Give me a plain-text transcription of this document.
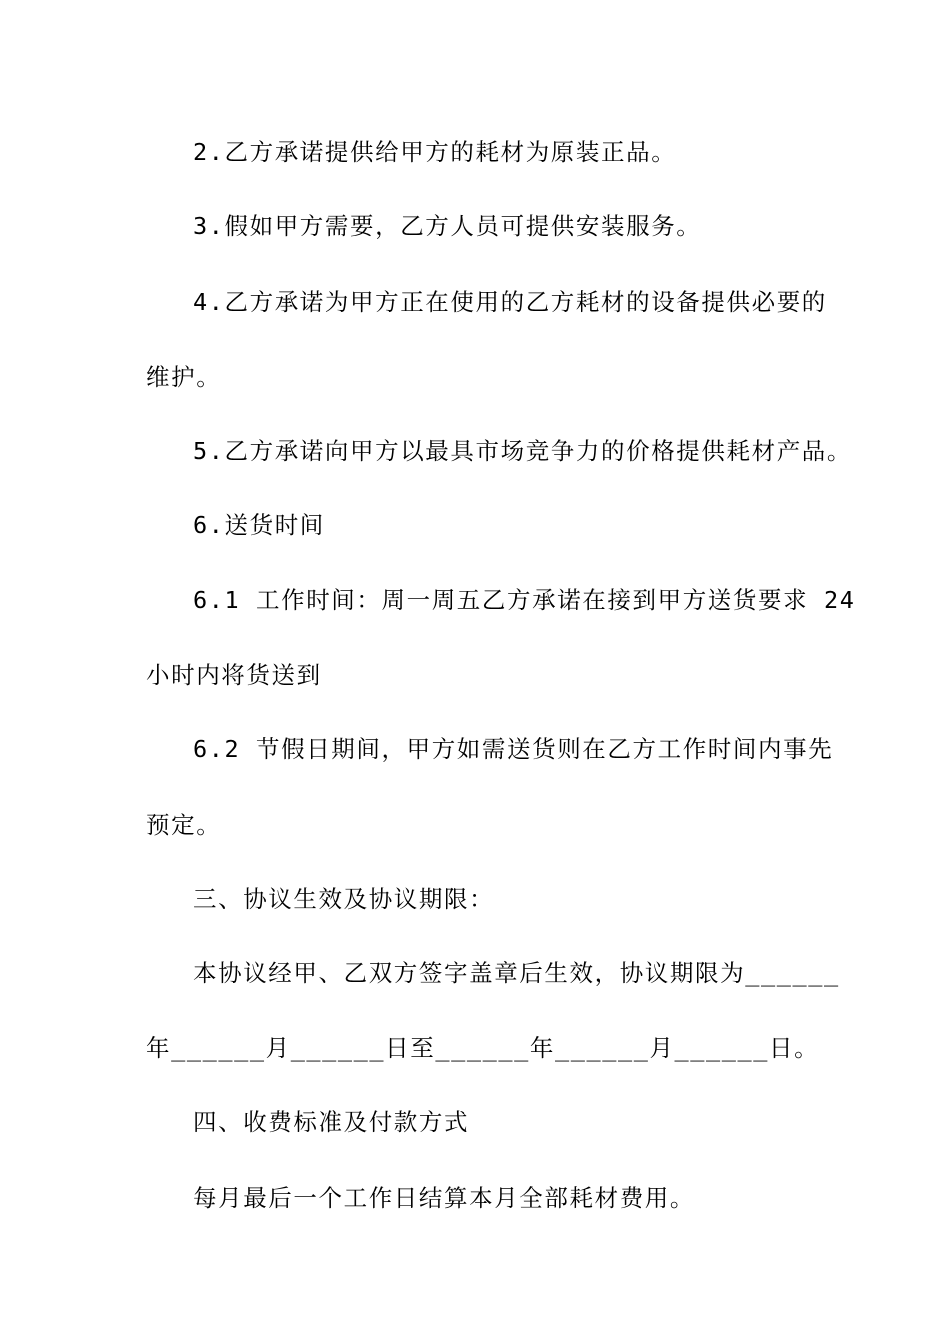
2.乙方承诺提供给甲方的耗材为原装正品。
3.假如甲方需要，乙方人员可提供安装服务。
4.乙方承诺为甲方正在使用的乙方耗材的设备提供必要的
维护。
5.乙方承诺向甲方以最具市场竞争力的价格提供耗材产品。
6.送货时间
6.1 工作时间：周一周五乙方承诺在接到甲方送货要求 24
小时内将货送到
6.2 节假日期间，甲方如需送货则在乙方工作时间内事先
预定。
三、协议生效及协议期限：
本协议经甲、乙双方签字盖章后生效，协议期限为______
年______月______日至______年______月______日。
四、收费标准及付款方式
每月最后一个工作日结算本月全部耗材费用。
